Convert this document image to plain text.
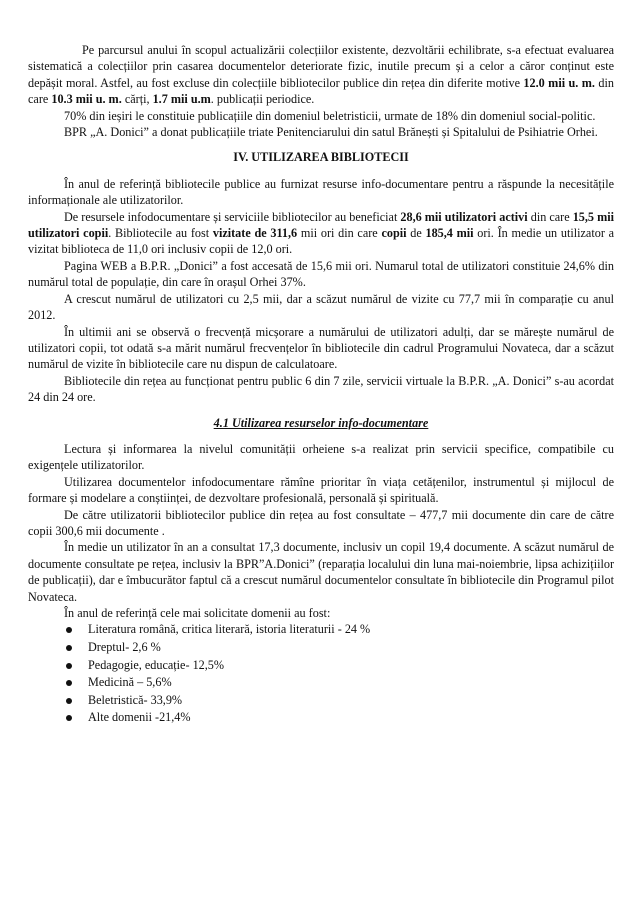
Pe parcursul anului în scopul actualizării colecțiilor existente, dezvoltării echilibrate, s-a efectuat evaluarea sistematică a colecțiilor prin casarea documentelor deteriorate fizic, inutile precum și a celor a căror conținut este depășit moral. Astfel, au fost excluse din colecțiile bibliotecilor publice din rețea din diferite motive 12.0 mii u. m. din care 10.3 mii u. m. cărți, 1.7 mii u.m. publicații periodice.

70% din ieșiri le constituie publicațiile din domeniul beletristicii, urmate de 18% din domeniul social-politic.

BPR „A. Donici” a donat publicațiile triate Penitenciarului din satul Brănești și Spitalului de Psihiatrie Orhei.

IV. UTILIZAREA BIBLIOTECII

În anul de referință bibliotecile publice au furnizat resurse info-documentare pentru a răspunde la necesitățile informaționale ale utilizatorilor.

De resursele infodocumentare și serviciile bibliotecilor au beneficiat 28,6 mii utilizatori activi din care 15,5 mii utilizatori copii. Bibliotecile au fost vizitate de 311,6 mii ori din care copii de 185,4 mii ori. În medie un utilizator a vizitat biblioteca de 11,0 ori inclusiv copii de 12,0 ori.

Pagina WEB a B.P.R. „Donici” a fost accesată de 15,6 mii ori. Numarul total de utilizatori constituie 24,6% din numărul total de populație, din care în orașul Orhei 37%.

A crescut numărul de utilizatori cu 2,5 mii, dar a scăzut numărul de vizite cu 77,7 mii în comparație cu anul 2012.

În ultimii ani se observă o frecvență micșorare a numărului de utilizatori adulți, dar se mărește numărul de utilizatori copii, tot odată s-a mărit numărul frecvențelor în bibliotecile din cadrul Programului Novateca, dar a scăzut numărul de vizite în bibliotecile care nu dispun de calculatoare.

Bibliotecile din rețea au funcționat pentru public 6 din 7 zile, servicii virtuale la B.P.R. „A. Donici” s-au acordat 24 din 24 ore.

4.1 Utilizarea resurselor info-documentare

Lectura și informarea la nivelul comunității orheiene s-a realizat prin servicii specifice, compatibile cu exigențele utilizatorilor.

Utilizarea documentelor infodocumentare rămîne prioritar în viața cetățenilor, instrumentul și mijlocul de formare și modelare a conștiinței, de dezvoltare profesională, personală și spirituală.

De către utilizatorii bibliotecilor publice din rețea au fost consultate – 477,7 mii documente din care de către copii 300,6 mii documente .

În medie un utilizator în an a consultat 17,3 documente, inclusiv un copil 19,4 documente. A scăzut numărul de documente consultate pe rețea, inclusiv la BPR”A.Donici” (reparația localului din luna mai-noiembrie, lipsa achizițiilor de publicații), dar e îmbucurător faptul că a crescut numărul documentelor consultate în bibliotecile din Programul pilot Novateca.

În anul de referință cele mai solicitate domenii au fost:

Literatura română, critica literară, istoria literaturii - 24 %
Dreptul- 2,6 %
Pedagogie, educație- 12,5%
Medicină – 5,6%
Beletristică- 33,9%
Alte domenii -21,4%
